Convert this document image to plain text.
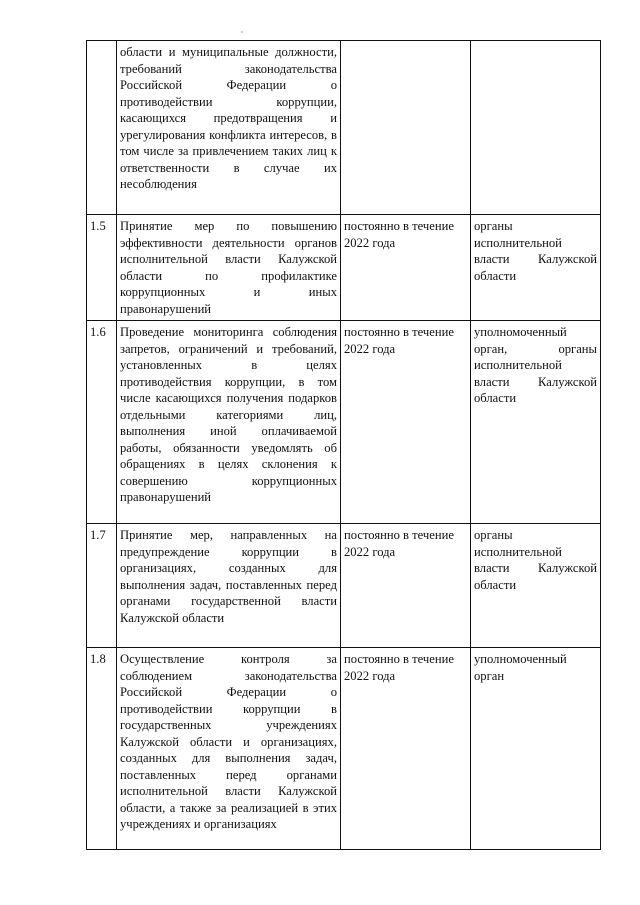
	области и муниципальные должности, требований законодательства Российской Федерации о противодействии коррупции, касающихся предотвращения и урегулирования конфликта интересов, в том числе за привлечением таких лиц к ответственности в случае их несоблюдения		
1.5	Принятие мер по повышению эффективности деятельности органов исполнительной власти Калужской области по профилактике коррупционных и иных правонарушений	постоянно в течение 2022 года	органы исполнительной власти Калужской области
1.6	Проведение мониторинга соблюдения запретов, ограничений и требований, установленных в целях противодействия коррупции, в том числе касающихся получения подарков отдельными категориями лиц, выполнения иной оплачиваемой работы, обязанности уведомлять об обращениях в целях склонения к совершению коррупционных правонарушений	постоянно в течение 2022 года	уполномоченный орган, органы исполнительной власти Калужской области
1.7	Принятие мер, направленных на предупреждение коррупции в организациях, созданных для выполнения задач, поставленных перед органами государственной власти Калужской области	постоянно в течение 2022 года	органы исполнительной власти Калужской области
1.8	Осуществление контроля за соблюдением законодательства Российской Федерации о противодействии коррупции в государственных учреждениях Калужской области и организациях, созданных для выполнения задач, поставленных перед органами исполнительной власти Калужской области, а также за реализацией в этих учреждениях и организациях	постоянно в течение 2022 года	уполномоченный орган
